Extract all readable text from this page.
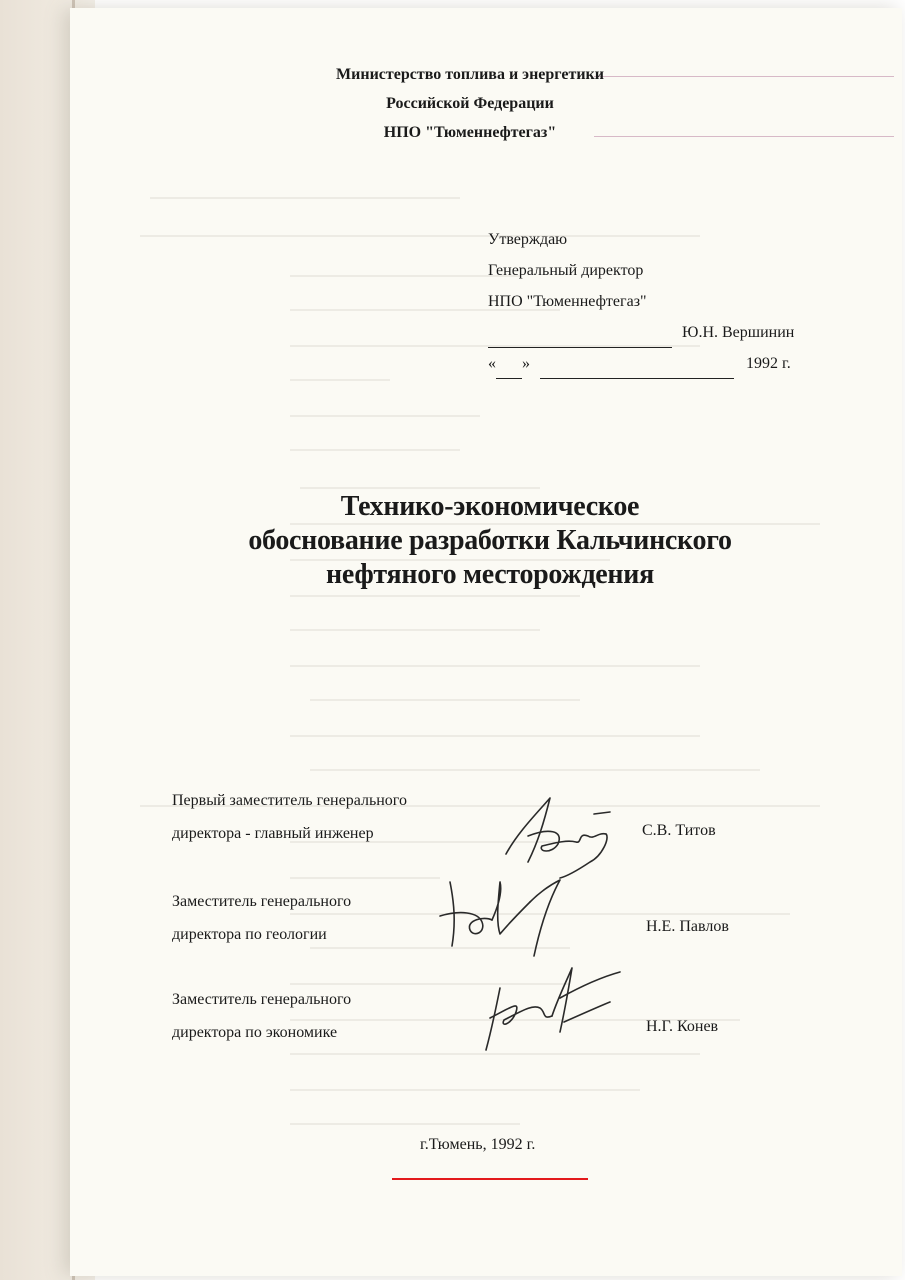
Министерство топлива и энергетики
Российской Федерации
НПО "Тюменнефтегаз"
Утверждаю
Генеральный директор
НПО "Тюменнефтегаз"
Ю.Н. Вершинин
« »	1992 г.
Технико-экономическое
обоснование разработки Кальчинского
нефтяного месторождения
Первый заместитель генерального
директора - главный инженер	С.В. Титов
Заместитель генерального
директора по геологии	Н.Е. Павлов
Заместитель генерального
директора по экономике	Н.Г. Конев
г.Тюмень, 1992 г.
